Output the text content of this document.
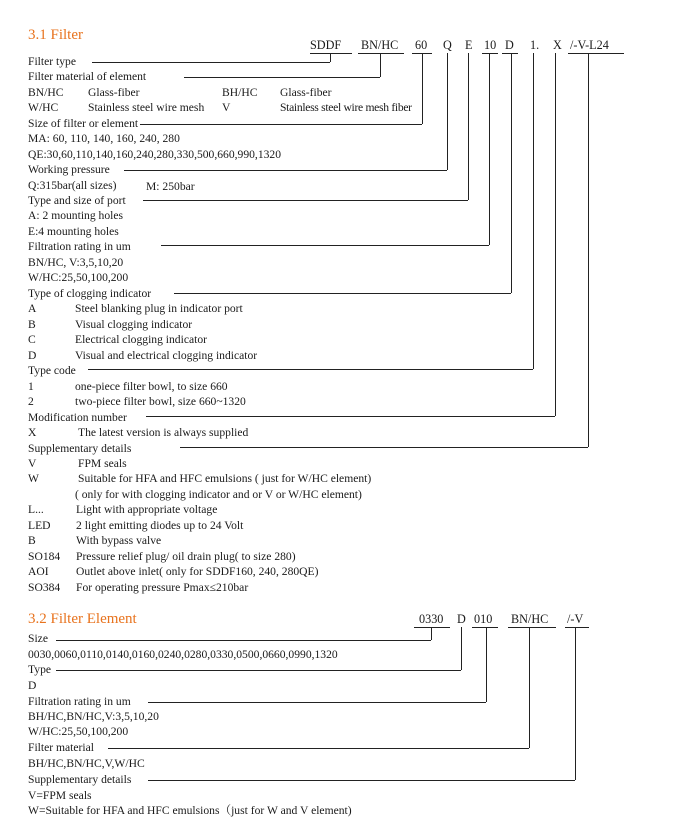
3.1 Filter
SDDF BN/HC 60 Q E 10 D 1. X /-V-L24
Filter type
Filter material of element
BN/HC Glass-fiber	BH/HC Glass-fiber
W/HC	Stainless steel wire mesh V	Stainless steel wire mesh fiber
Size of filter or element
MA: 60, 110, 140, 160, 240, 280
QE:30,60,110,140,160,240,280,330,500,660,990,1320
Working pressure
Q:315bar(all sizes)	M: 250bar
Type and size of port
A: 2 mounting holes
E:4 mounting holes
Filtration rating in um
BN/HC, V:3,5,10,20
W/HC:25,50,100,200
Type of clogging indicator
A	Steel blanking plug in indicator port
B	Visual clogging indicator
C	Electrical clogging indicator
D	Visual and electrical clogging indicator
Type code
1	one-piece filter bowl, to size 660
2	two-piece filter bowl, size 660~1320
Modification number
X	The latest version is always supplied
Supplementary details
V	FPM seals
W	Suitable for HFA and HFC emulsions ( just for W/HC element)
( only for with clogging indicator and or V or W/HC element)
L...	Light with appropriate voltage
LED 2 light emitting diodes up to 24 Volt
B	With bypass valve
SO184 Pressure relief plug/ oil drain plug( to size 280)
AOI Outlet above inlet( only for SDDF160, 240, 280QE)
SO384 For operating pressure Pmax≤210bar
3.2 Filter Element	0330 D 010 BN/HC /-V
Size
0030,0060,0110,0140,0160,0240,0280,0330,0500,0660,0990,1320
Type
D
Filtration rating in um
BH/HC,BN/HC,V:3,5,10,20
W/HC:25,50,100,200
Filter material
BH/HC,BN/HC,V,W/HC
Supplementary details
V=FPM seals
W=Suitable for HFA and HFC emulsions（just for W and V element)
